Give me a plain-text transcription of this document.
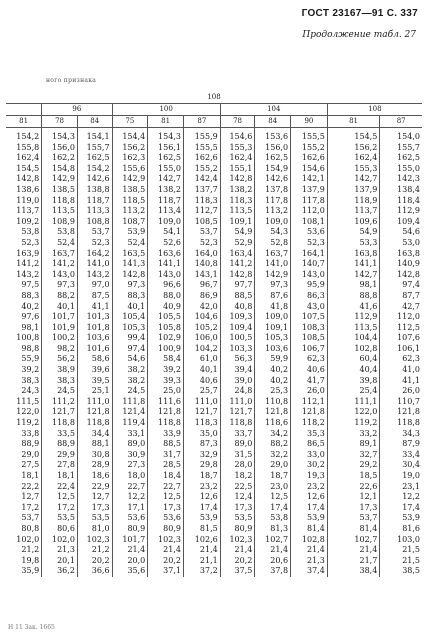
ГОСТ 23167—91 С. 337
Продолжение табл. 27
ного признака
108										
	96		100			104			108	
81	78	84	75	81	87	78	84	90	81	87

154,2	154,3	154,1	154,4	154,3	155,9	154,6	153,6	155,5	154,5	154,0
155,8	156,0	155,7	156,2	156,1	155,5	155,3	156,0	155,2	156,2	155,7
162,4	162,2	162,5	162,3	162,5	162,6	162,4	162,5	162,6	162,4	162,5
154,5	154,8	154,2	155,6	155,0	155,2	155,1	154,9	154,6	155,3	155,0
142,8	142,9	142,6	142,9	142,7	142,4	142,8	142,6	142,1	142,7	142,3
138,6	138,5	138,8	138,5	138,2	137,7	138,2	137,8	137,9	137,9	138,4
119,0	118,8	118,7	118,5	118,7	118,3	118,3	117,8	117,8	118,9	118,4
113,7	113,5	113,3	113,2	113,4	112,7	113,5	113,2	112,0	113,7	112,9
109,2	108,9	108,8	108,7	109,0	108,5	109,1	109,0	108,1	109,6	109,4
53,8	53,8	53,7	53,9	54,1	53,7	54,9	54,3	53,6	54,9	54,6
52,3	52,4	52,3	52,4	52,6	52,3	52,9	52,8	52,3	53,3	53,0
163,9	163,7	164,2	163,5	163,6	164,0	163,4	163,7	164,1	163,8	163,8
141,2	141,2	141,0	141,3	141,1	140,8	141,2	141,0	140,7	141,1	140,9
143,2	143,0	143,2	142,8	143,0	143,1	142,8	142,9	143,0	142,7	142,8
97,5	97,3	97,0	97,3	96,6	96,7	97,7	97,3	95,9	98,1	97,4
88,3	88,2	87,5	88,3	88,0	86,9	88,5	87,6	86,3	88,8	87,7
40,2	40,1	41,1	40,1	40,9	42,0	40,8	41,8	43,0	41,6	42,7
97,6	101,7	101,3	105,4	105,5	104,6	109,3	109,0	107,5	112,9	112,0
98,1	101,9	101,8	105,3	105,8	105,2	109,4	109,1	108,3	113,5	112,5
100,8	100,2	103,6	99,4	102,9	106,0	100,5	105,3	108,5	104,4	107,6
98,8	98,2	101,6	97,4	100,9	104,2	103,3	103,6	106,7	102,8	106,1
55,9	56,2	58,6	54,6	58,4	61,0	56,3	59,9	62,3	60,4	62,3
39,2	38,9	39,6	38,2	39,2	40,1	39,4	40,2	40,6	40,4	41,0
38,3	38,3	39,5	38,2	39,3	40,6	39,0	40,2	41,7	39,8	41,1
24,3	24,5	25,1	24,5	25,0	25,7	24,8	25,3	26,0	25,4	26,0
111,5	111,2	111,0	111,8	111,6	111,0	111,0	110,8	112,1	111,1	110,7
122,0	121,7	121,8	121,4	121,8	121,7	121,7	121,8	121,8	122,0	121,8
119,2	118,8	118,8	119,4	118,8	118,3	118,8	118,6	118,2	119,2	118,8
33,8	33,5	34,4	33,1	33,9	35,0	33,7	34,2	35,3	33,2	34,3
88,9	88,9	88,1	89,0	88,5	87,3	89,0	88,2	86,5	89,1	87,9
29,0	29,9	30,8	30,9	31,7	32,9	31,5	32,2	33,0	32,7	33,4
27,5	27,8	28,9	27,3	28,5	29,8	28,0	29,0	30,2	29,2	30,4
18,1	18,1	18,6	18,0	18,4	18,7	18,2	18,7	19,3	18,5	19,0
22,2	22,4	22,9	22,7	22,7	23,2	22,5	23,0	23,2	22,6	23,1
12,7	12,5	12,7	12,2	12,5	12,6	12,4	12,5	12,6	12,1	12,2
17,2	17,2	17,3	17,1	17,3	17,4	17,3	17,4	17,4	17,3	17,4
53,7	53,5	53,5	53,6	53,6	53,9	53,5	53,8	53,9	53,7	53,9
80,8	80,6	81,0	80,9	80,9	81,5	80,9	81,3	81,4	81,4	81,6
102,0	102,0	102,3	101,7	102,3	102,6	102,3	102,7	102,8	102,7	103,0
21,2	21,3	21,2	21,4	21,4	21,4	21,4	21,4	21,4	21,4	21,5
19,8	20,1	20,2	20,0	20,2	21,1	20,2	20,6	21,3	21,7	21,5
35,9	36,2	36,6	35,6	37,1	37,2	37,5	37,8	37,4	38,4	38,5
Н 11 Зак. 1665
